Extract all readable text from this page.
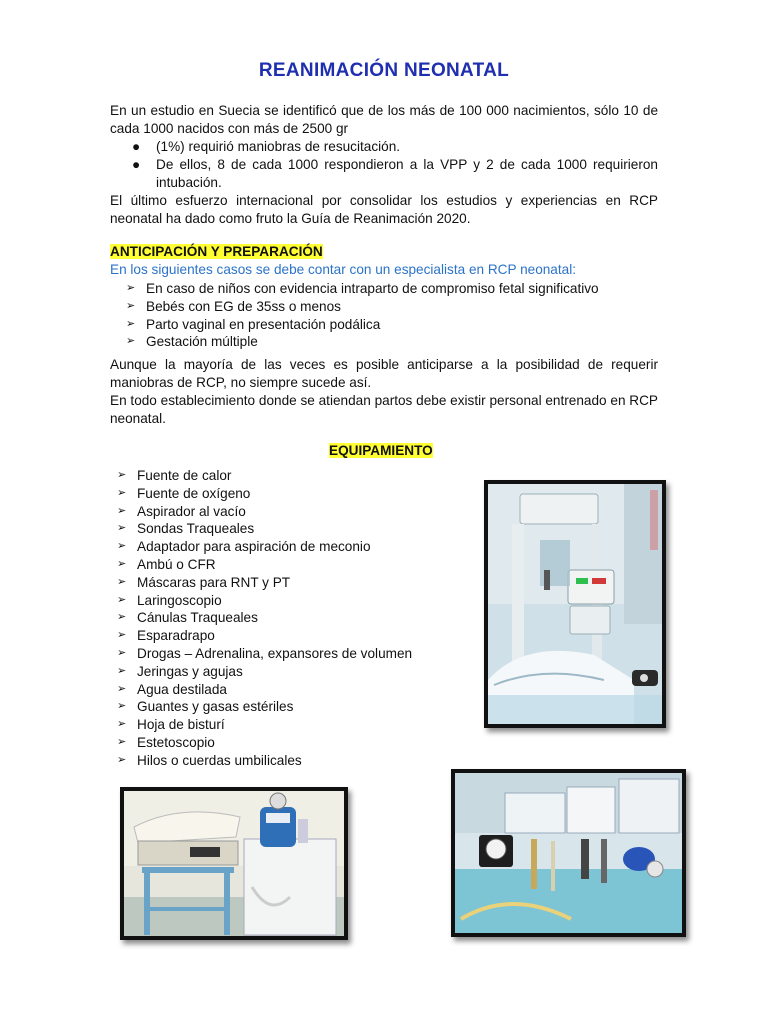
REANIMACIÓN NEONATAL

En un estudio en Suecia se identificó que de los más de 100 000 nacimientos, sólo 10 de cada 1000 nacidos con más de 2500 gr

● (1%) requirió maniobras de resucitación.
● De ellos, 8 de cada 1000 respondieron a la VPP y 2 de cada 1000 requirieron intubación.

El último esfuerzo internacional por consolidar los estudios y experiencias en RCP neonatal ha dado como fruto la Guía de Reanimación 2020.

ANTICIPACIÓN Y PREPARACIÓN
En los siguientes casos se debe contar con un especialista en RCP neonatal:
➢ En caso de niños con evidencia intraparto de compromiso fetal significativo
➢ Bebés con EG de 35ss o menos
➢ Parto vaginal en presentación podálica
➢ Gestación múltiple

Aunque la mayoría de las veces es posible anticiparse a la posibilidad de requerir maniobras de RCP, no siempre sucede así.

En todo establecimiento donde se atiendan partos debe existir personal entrenado en RCP neonatal.

EQUIPAMIENTO
➢ Fuente de calor
➢ Fuente de oxígeno
➢ Aspirador al vacío
➢ Sondas Traqueales
➢ Adaptador para aspiración de meconio
➢ Ambú o CFR
➢ Máscaras para RNT y PT
➢ Laringoscopio
➢ Cánulas Traqueales
➢ Esparadrapo
➢ Drogas – Adrenalina, expansores de volumen
➢ Jeringas y agujas
➢ Agua destilada
➢ Guantes y gasas estériles
➢ Hoja de bisturí
➢ Estetoscopio
➢ Hilos o cuerdas umbilicales
